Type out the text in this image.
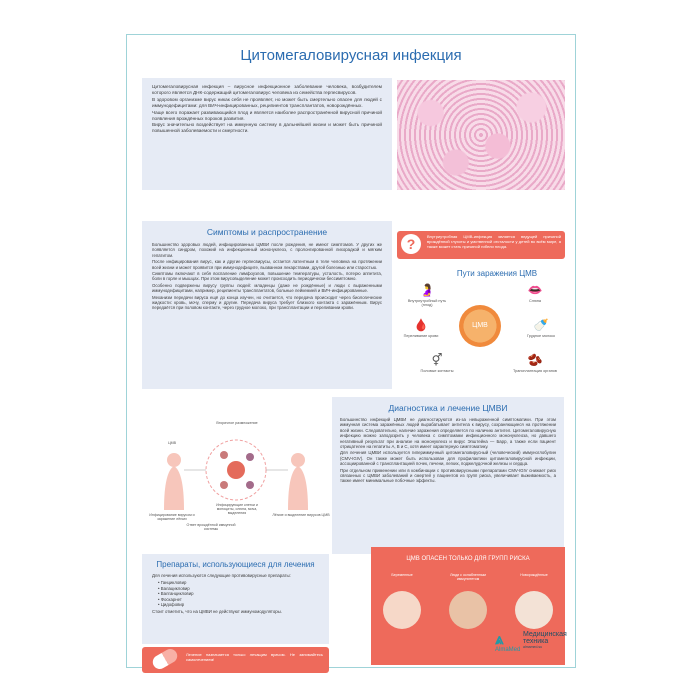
Цитомегаловирусная инфекция

Цитомегаловирусная инфекция – вирусное инфекционное заболевание человека, возбудителем которого является ДНК-содержащий цитомегаловирус человека из семейства герпесвирусов.

В здоровом организме вирус никак себя не проявляет, но может быть смертельно опасен для людей с иммунодефицитами: для ВИЧ-инфицированных, реципиентов трансплантатов, новорождённых.

Чаще всего поражает развивающийся плод и является наиболее распространённой вирусной причиной появления врождённых пороков развития.

Вирус значительно воздействует на иммунную систему в дальнейшей жизни и может быть причиной повышенной заболеваемости и смертности.

Симптомы и распространение

Большинство здоровых людей, инфицированных ЦМВИ после рождения, не имеют симптомов. У других же появляется синдром, похожий на инфекционный мононуклеоз, с пролонгированной лихорадкой и мягким гепатитом.

После инфицирования вирус, как и другие герпесвирусы, остается латентным в теле человека на протяжении всей жизни и может проявится при иммунодефиците, вызванном лекарствами, другой болезнью или старостью.

Симптомы включают в себя воспаление лимфоузлов, повышение температуры, усталость, потерю аппетита, боли в горле и мышцах. При этом вирусовыделение может происходить периодически бессимптомно.

Особенно подвержены вирусу группы людей: младенцы (даже не рождённые) и люди с выраженными иммунодефицитами, например, реципиенты трансплантатов, больные лейкемией и ВИЧ-инфицированные.

Механизм передачи вируса ещё до конца изучен, но считается, что передача происходит через биологические жидкости: кровь, мочу, сперму и другие. Передача вируса требует близкого контакта с заражённым. Вирус передаётся при половом контакте, через грудное молоко, при трансплантации и переливании крови.

?	Внутриутробная ЦМВ-инфекция является ведущей причиной врождённой глухоты и умственной отсталости у детей во всём мире, а также может стать причиной гибели плода.
Пути заражения ЦМВ
ЦМВ
🤰
Внутриутробный путь (плод)
👄
Слюна
🩸
Переливание крови
🍼
Грудное молоко
⚥
Половые контакты
🫘
Трансплантация органов
Вторичное размножение
ЦМВ
Инфицирование вирусом и заражение лёгких
Ответ врождённой иммунной системы
Инфицирующие клетки и моноциты, слюна, моча, выделения	Лёгкие и выделение вирусов ЦМВ
Диагностика и лечение ЦМВИ

Большинство инфекций ЦМВИ не диагностируются из-за невыраженной симптоматики. При этом иммунная система заражённых людей вырабатывает антитела к вирусу, сохраняющиеся на протяжении всей жизни. Следовательно, наличие заражения определяется по наличию антител. Цитомегаловирусную инфекцию можно заподозрить у человека с симптомами инфекционного мононуклеоза, но давшего негативный результат при анализе на мононуклеоз и вирус Эпштейна — Барр, а также если пациент отрицателен на гепатиты A, B и C, хотя имеет характерную симптоматику.

Для лечения ЦМВИ используется гипериммунный цитомегаловирусный (человеческий) иммуноглобулин (CMV-IGIV). Он также может быть использован для профилактики цитомегаловирусной инфекции, ассоциированной с трансплантацией почек, печени, легких, поджелудочной железы и сердца.

При отдельном применении или в комбинации с противовирусными препаратами CMV-IGIV снижает риск связанных с ЦМВИ заболеваний и смертей у пациентов из групп риска, увеличивает выживаемость, а также имеет минимальные побочные эффекты.

Препараты, использующиеся для лечения

Для лечения используются следующие противовирусные препараты:

• Ганцикловир
• Валацикловир
• Валганцикловир
• Фоскарнет
• Цидофовир

Стоит отметить, что на ЦМВИ не действуют иммуномодуляторы.

Лечение назначается только лечащим врачом. Не занимайтесь самолечением!
ЦМВ ОПАСЕН ТОЛЬКО ДЛЯ ГРУПП РИСКА
Беременные	Люди с ослабленным иммунитетом
Новорождённые
⩓
AlmaMed
Медицинская
техника
almamed.su
